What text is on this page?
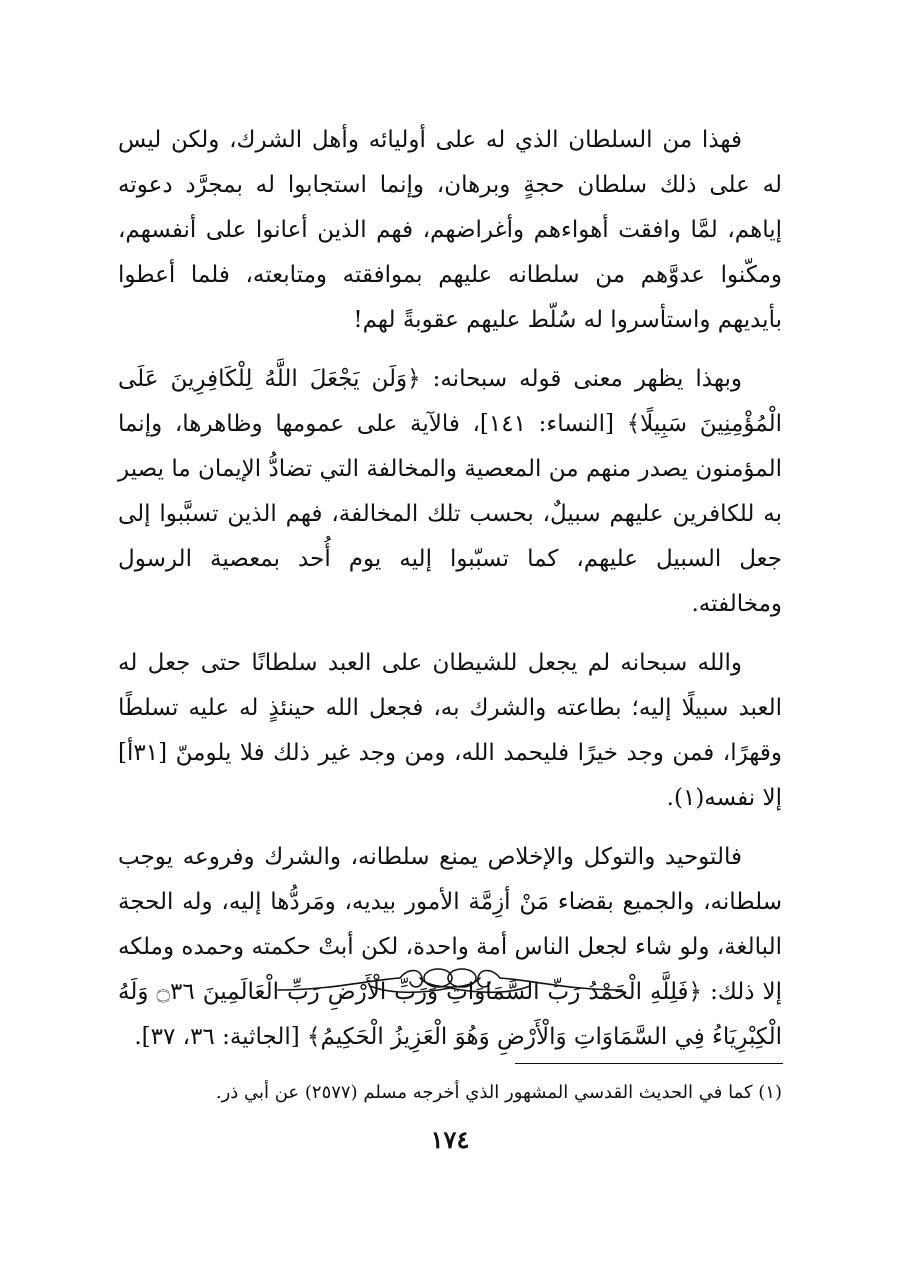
فهذا من السلطان الذي له على أوليائه وأهل الشرك، ولكن ليس له على ذلك سلطان حجةٍ وبرهان، وإنما استجابوا له بمجرَّد دعوته إياهم، لمَّا وافقت أهواءهم وأغراضهم، فهم الذين أعانوا على أنفسهم، ومكّنوا عدوَّهم من سلطانه عليهم بموافقته ومتابعته، فلما أعطوا بأيديهم واستأسروا له سُلّط عليهم عقوبةً لهم!

وبهذا يظهر معنى قوله سبحانه: ﴿وَلَن يَجْعَلَ اللَّهُ لِلْكَافِرِينَ عَلَى الْمُؤْمِنِينَ سَبِيلًا﴾ [النساء: ١٤١]، فالآية على عمومها وظاهرها، وإنما المؤمنون يصدر منهم من المعصية والمخالفة التي تضادُّ الإيمان ما يصير به للكافرين عليهم سبيلٌ، بحسب تلك المخالفة، فهم الذين تسبَّبوا إلى جعل السبيل عليهم، كما تسبّبوا إليه يوم أُحد بمعصية الرسول ومخالفته.

والله سبحانه لم يجعل للشيطان على العبد سلطانًا حتى جعل له العبد سبيلًا إليه؛ بطاعته والشرك به، فجعل الله حينئذٍ له عليه تسلطًا وقهرًا، فمن وجد خيرًا فليحمد الله، ومن وجد غير ذلك فلا يلومنّ [٣١أ] إلا نفسه(١).

فالتوحيد والتوكل والإخلاص يمنع سلطانه، والشرك وفروعه يوجب سلطانه، والجميع بقضاء مَنْ أزِمَّة الأمور بيديه، ومَردُّها إليه، وله الحجة البالغة، ولو شاء لجعل الناس أمة واحدة، لكن أبتْ حكمته وحمده وملكه إلا ذلك: ﴿فَلِلَّهِ الْحَمْدُ رَبِّ السَّمَاوَاتِ وَرَبِّ الْأَرْضِ رَبِّ الْعَالَمِينَ ۝٣٦ وَلَهُ الْكِبْرِيَاءُ فِي السَّمَاوَاتِ وَالْأَرْضِ وَهُوَ الْعَزِيزُ الْحَكِيمُ﴾ [الجاثية: ٣٦، ٣٧].

(١) كما في الحديث القدسي المشهور الذي أخرجه مسلم (٢٥٧٧) عن أبي ذر.
١٧٤
